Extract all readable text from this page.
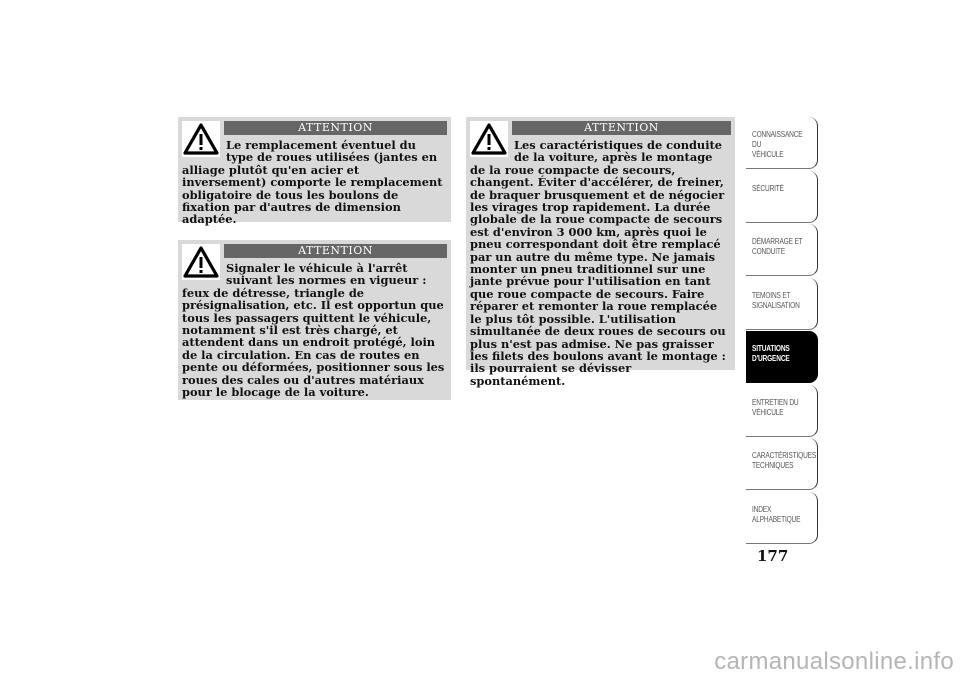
ATTENTION

Le remplacement éventuel du type de roues utilisées (jantes en alliage plutôt qu'en acier et inversement) comporte le remplacement obligatoire de tous les boulons de fixation par d'autres de dimension adaptée.

ATTENTION

Signaler le véhicule à l'arrêt suivant les normes en vigueur : feux de détresse, triangle de présignalisation, etc. Il est opportun que tous les passagers quittent le véhicule, notamment s'il est très chargé, et attendent dans un endroit protégé, loin de la circulation. En cas de routes en pente ou déformées, positionner sous les roues des cales ou d'autres matériaux pour le blocage de la voiture.

ATTENTION

Les caractéristiques de conduite de la voiture, après le montage de la roue compacte de secours, changent. Éviter d'accélérer, de freiner, de braquer brusquement et de négocier les virages trop rapidement. La durée globale de la roue compacte de secours est d'environ 3 000 km, après quoi le pneu correspondant doit être remplacé par un autre du même type. Ne jamais monter un pneu traditionnel sur une jante prévue pour l'utilisation en tant que roue compacte de secours. Faire réparer et remonter la roue remplacée le plus tôt possible. L'utilisation simultanée de deux roues de secours ou plus n'est pas admise. Ne pas graisser les filets des boulons avant le montage : ils pourraient se dévisser spontanément.

CONNAISSANCE DU
VÉHICULE
SÉCURITÉ
DÉMARRAGE ET
CONDUITE
TEMOINS ET
SIGNALISATION
SITUATIONS
D'URGENCE
ENTRETIEN DU
VÉHICULE
CARACTÉRISTIQUES
TECHNIQUES
INDEX
ALPHABETIQUE
177
carmanualsonline.info
